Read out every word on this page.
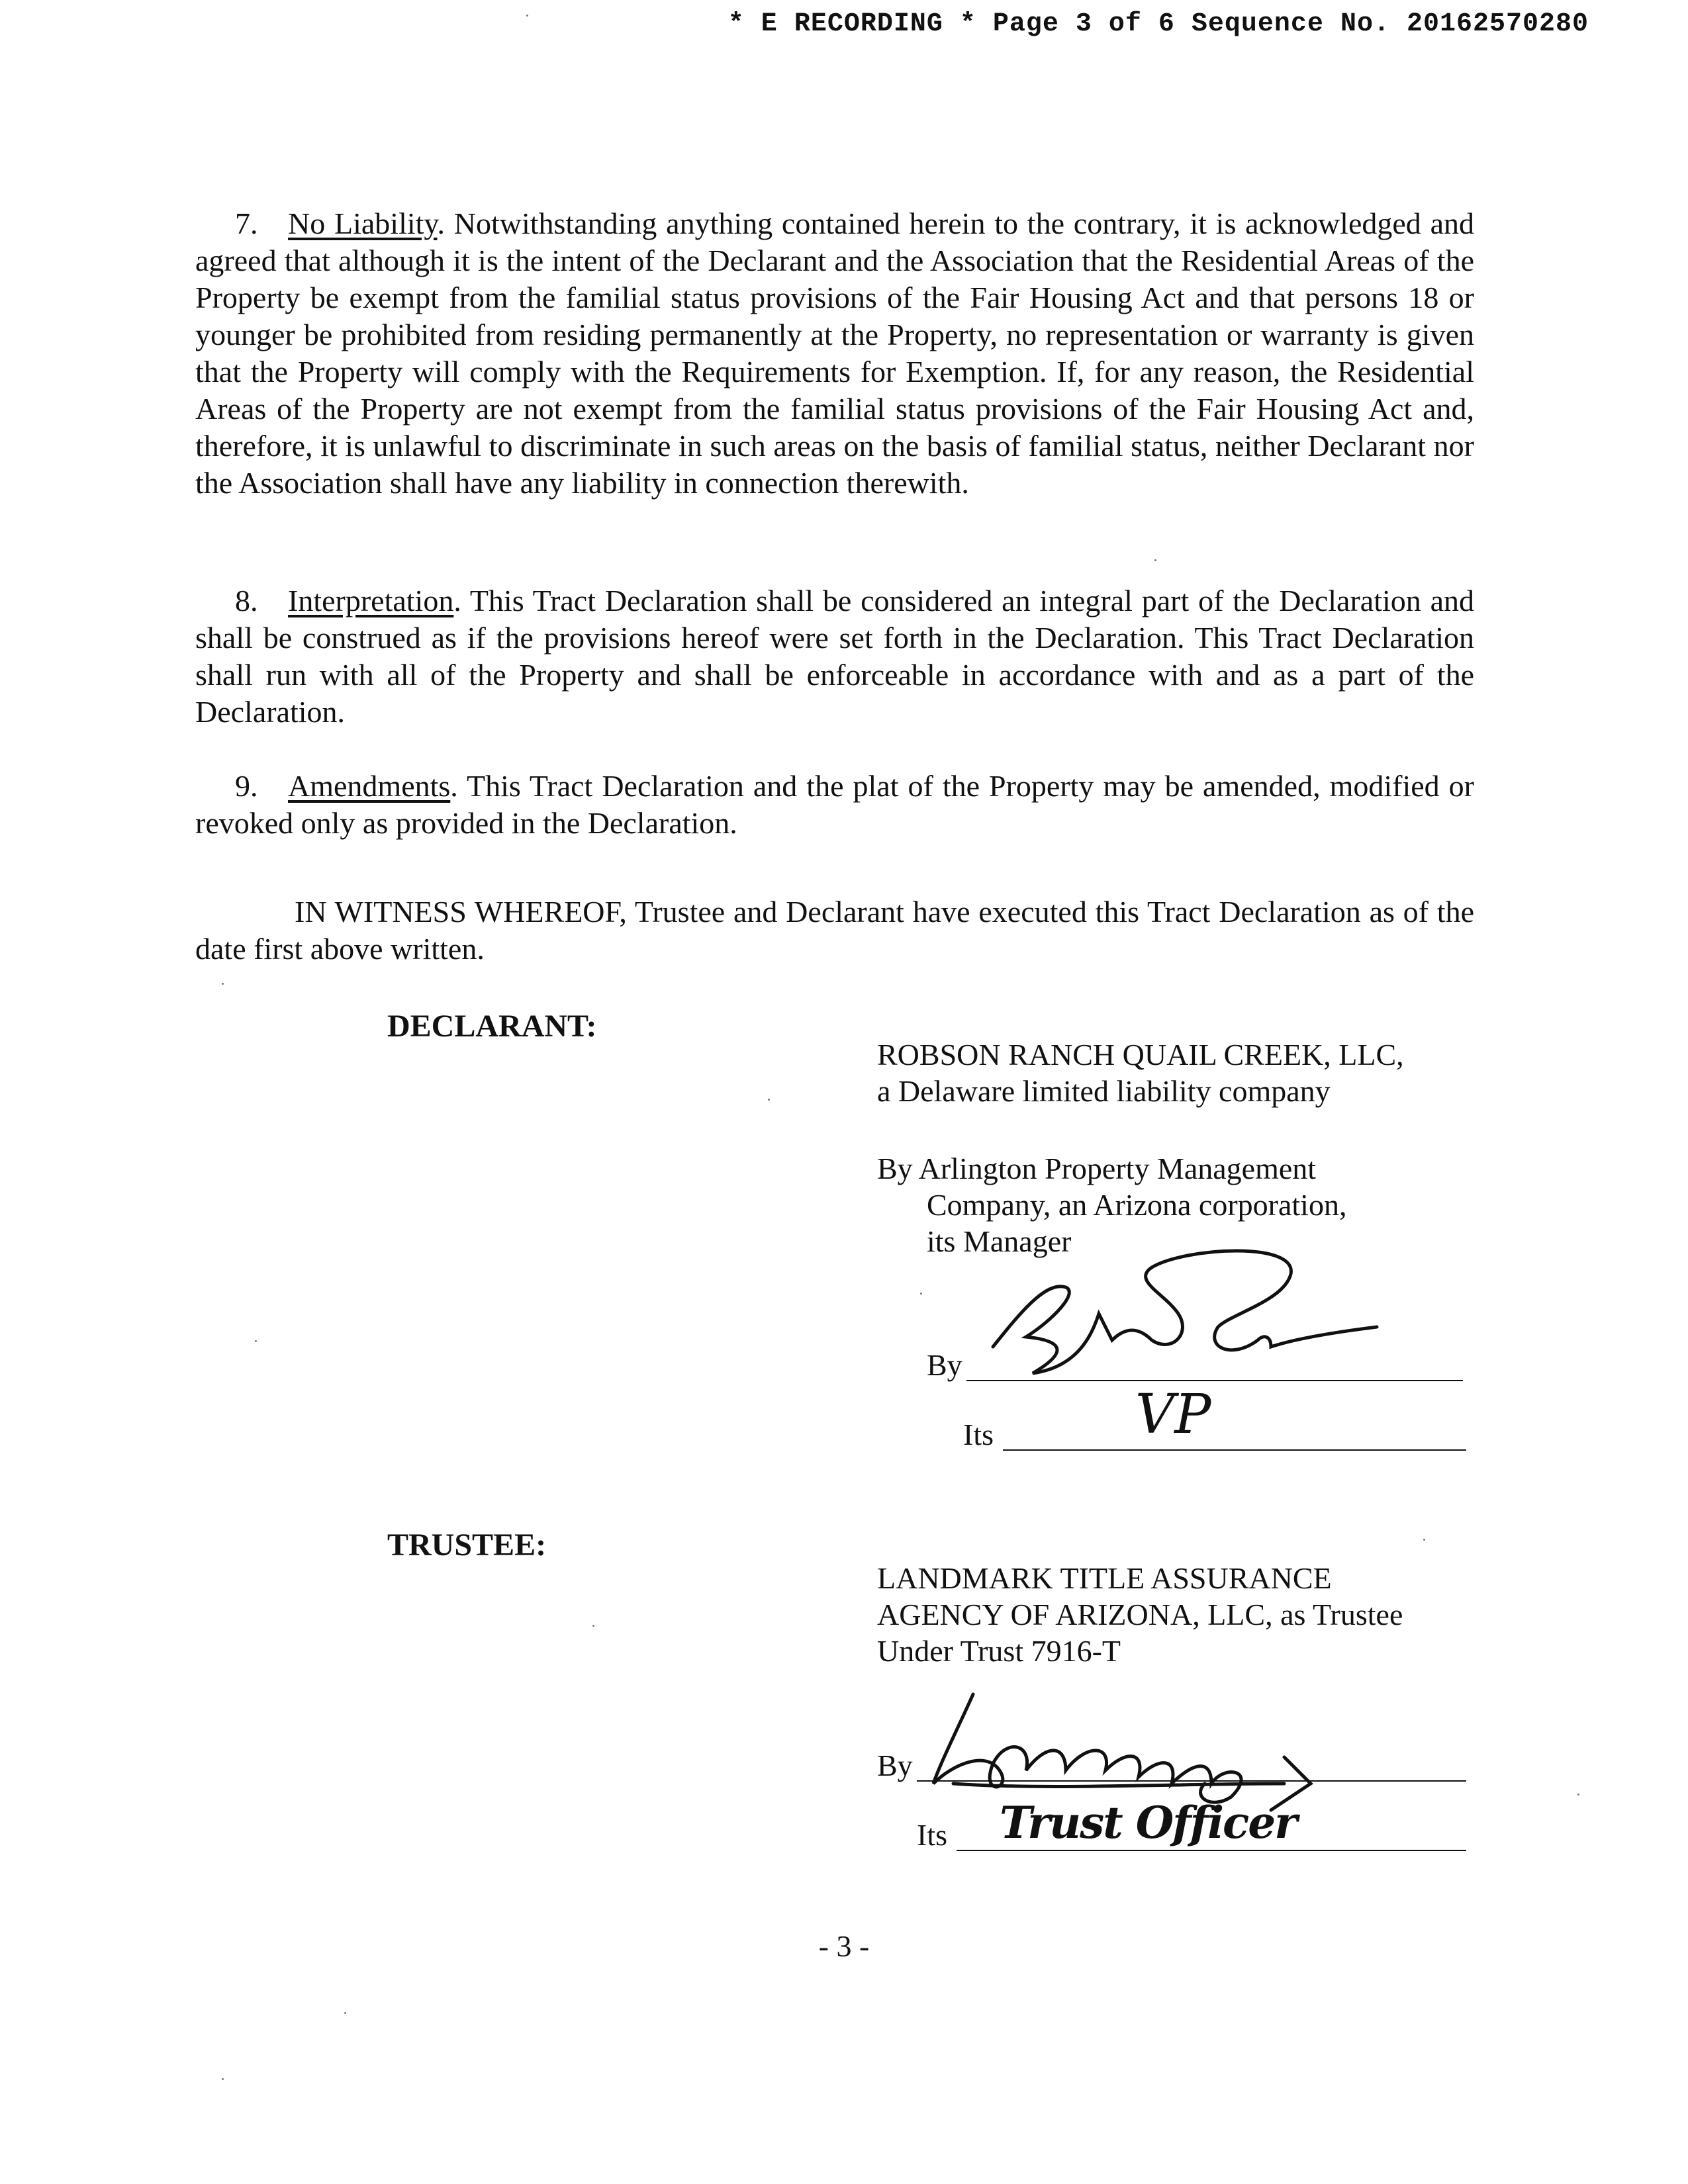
* E RECORDING * Page 3 of 6 Sequence No. 20162570280
7. No Liability. Notwithstanding anything contained herein to the contrary, it is acknowledged and agreed that although it is the intent of the Declarant and the Association that the Residential Areas of the Property be exempt from the familial status provisions of the Fair Housing Act and that persons 18 or younger be prohibited from residing permanently at the Property, no representation or warranty is given that the Property will comply with the Requirements for Exemption. If, for any reason, the Residential Areas of the Property are not exempt from the familial status provisions of the Fair Housing Act and, therefore, it is unlawful to discriminate in such areas on the basis of familial status, neither Declarant nor the Association shall have any liability in connection therewith.
8. Interpretation. This Tract Declaration shall be considered an integral part of the Declaration and shall be construed as if the provisions hereof were set forth in the Declaration. This Tract Declaration shall run with all of the Property and shall be enforceable in accordance with and as a part of the Declaration.
9. Amendments. This Tract Declaration and the plat of the Property may be amended, modified or revoked only as provided in the Declaration.
IN WITNESS WHEREOF, Trustee and Declarant have executed this Tract Declaration as of the date first above written.
DECLARANT:
ROBSON RANCH QUAIL CREEK, LLC,
a Delaware limited liability company
By Arlington Property Management
Company, an Arizona corporation,
its Manager
By
Its	VP
TRUSTEE:
LANDMARK TITLE ASSURANCE
AGENCY OF ARIZONA, LLC, as Trustee
Under Trust 7916-T
By
Its Trust Officer
- 3 -
